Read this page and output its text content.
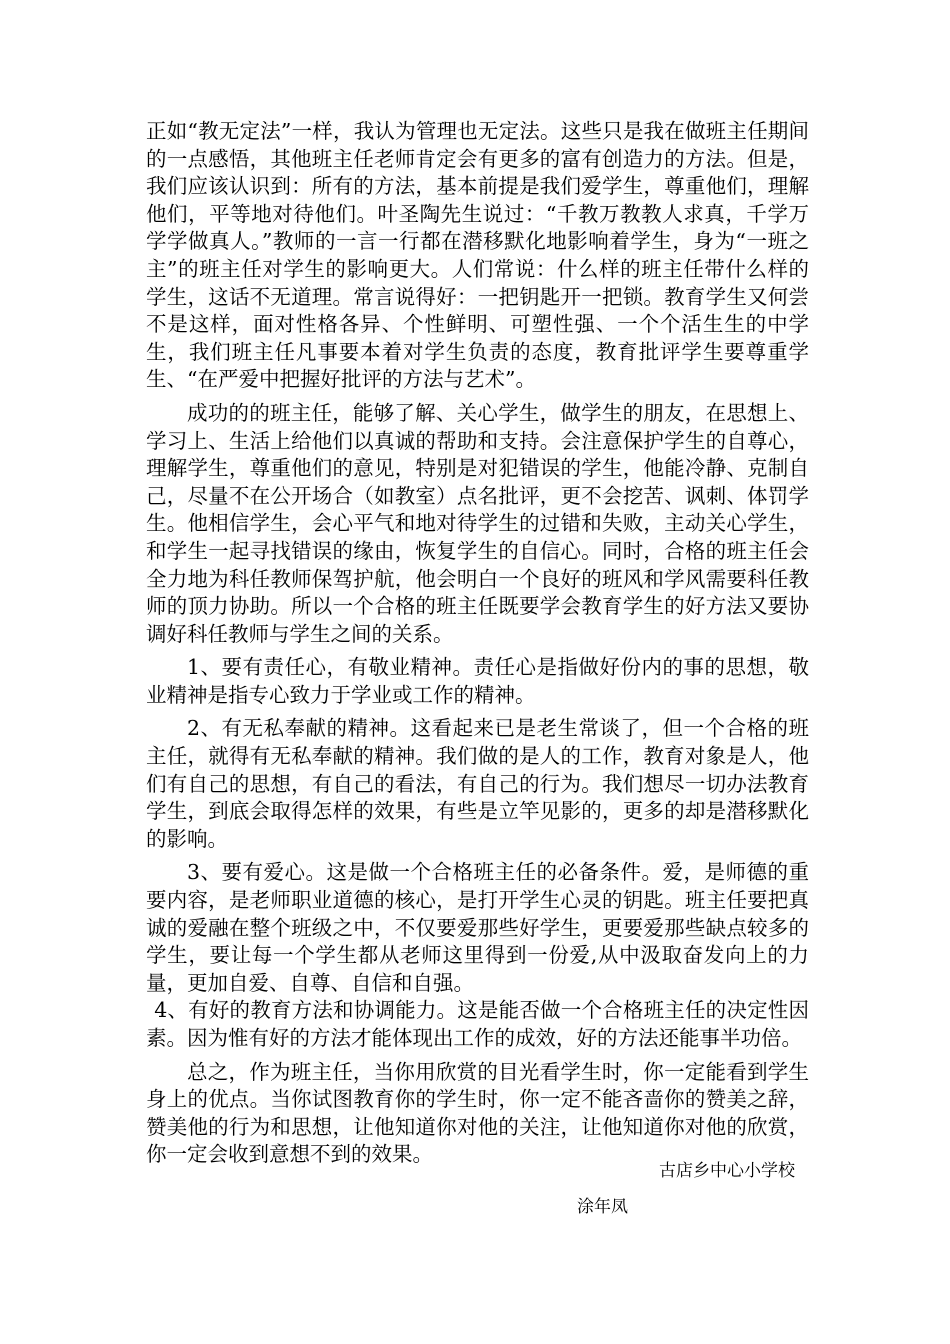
正如“教无定法”一样，我认为管理也无定法。这些只是我在做班主任期间的一点感悟，其他班主任老师肯定会有更多的富有创造力的方法。但是，我们应该认识到：所有的方法，基本前提是我们爱学生，尊重他们，理解他们，平等地对待他们。叶圣陶先生说过：“千教万教教人求真，千学万学学做真人。”教师的一言一行都在潜移默化地影响着学生，身为“一班之主”的班主任对学生的影响更大。人们常说：什么样的班主任带什么样的学生，这话不无道理。常言说得好：一把钥匙开一把锁。教育学生又何尝不是这样，面对性格各异、个性鲜明、可塑性强、一个个活生生的中学生，我们班主任凡事要本着对学生负责的态度，教育批评学生要尊重学生、“在严爱中把握好批评的方法与艺术”。

成功的的班主任，能够了解、关心学生，做学生的朋友，在思想上、学习上、生活上给他们以真诚的帮助和支持。会注意保护学生的自尊心，理解学生，尊重他们的意见，特别是对犯错误的学生，他能冷静、克制自己，尽量不在公开场合（如教室）点名批评，更不会挖苦、讽刺、体罚学生。他相信学生，会心平气和地对待学生的过错和失败，主动关心学生，和学生一起寻找错误的缘由，恢复学生的自信心。同时，合格的班主任会全力地为科任教师保驾护航，他会明白一个良好的班风和学风需要科任教师的顶力协助。所以一个合格的班主任既要学会教育学生的好方法又要协调好科任教师与学生之间的关系。

1、要有责任心，有敬业精神。责任心是指做好份内的事的思想，敬业精神是指专心致力于学业或工作的精神。

2、有无私奉献的精神。这看起来已是老生常谈了，但一个合格的班主任，就得有无私奉献的精神。我们做的是人的工作，教育对象是人，他们有自己的思想，有自己的看法，有自己的行为。我们想尽一切办法教育学生，到底会取得怎样的效果，有些是立竿见影的，更多的却是潜移默化的影响。

3、要有爱心。这是做一个合格班主任的必备条件。爱，是师德的重要内容，是老师职业道德的核心，是打开学生心灵的钥匙。班主任要把真诚的爱融在整个班级之中，不仅要爱那些好学生，更要爱那些缺点较多的学生，要让每一个学生都从老师这里得到一份爱,从中汲取奋发向上的力量，更加自爱、自尊、自信和自强。

4、有好的教育方法和协调能力。这是能否做一个合格班主任的决定性因素。因为惟有好的方法才能体现出工作的成效，好的方法还能事半功倍。

总之，作为班主任，当你用欣赏的目光看学生时，你一定能看到学生身上的优点。当你试图教育你的学生时，你一定不能吝啬你的赞美之辞，赞美他的行为和思想，让他知道你对他的关注，让他知道你对他的欣赏，你一定会收到意想不到的效果。

古店乡中心小学校
涂年凤
